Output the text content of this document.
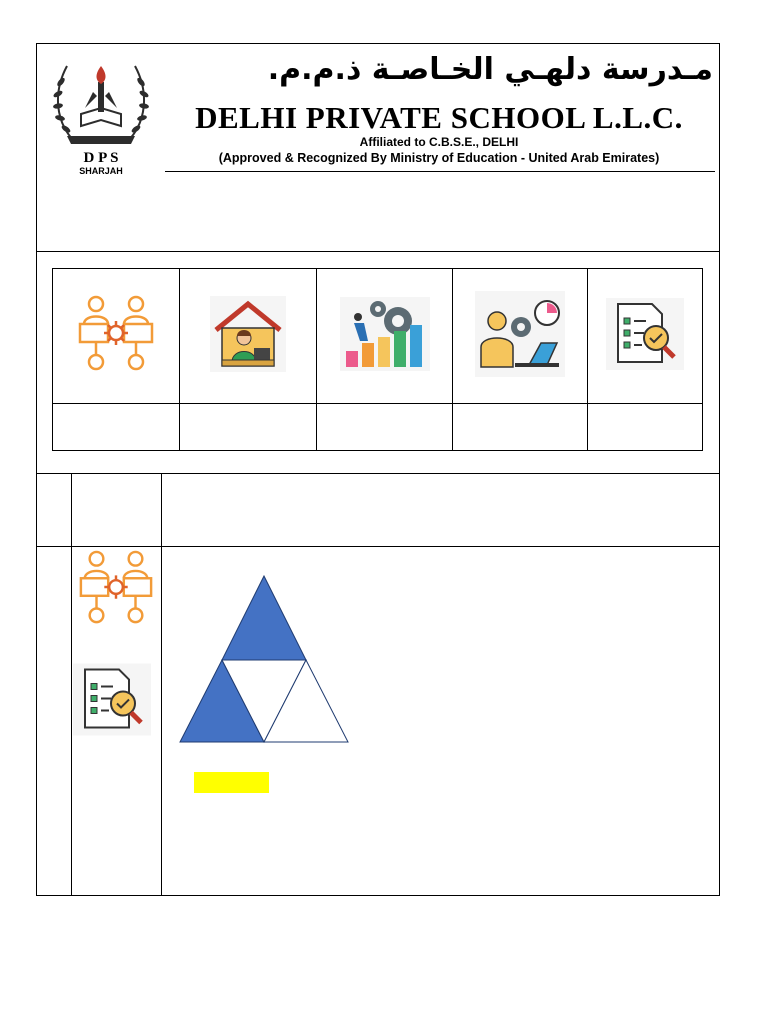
D P S
SHARJAH
مـدرسة دلهـي الخـاصـة ذ.م.م.
DELHI PRIVATE SCHOOL L.L.C.
Affiliated to C.B.S.E., DELHI
(Approved & Recognized By Ministry of Education - United Arab Emirates)
